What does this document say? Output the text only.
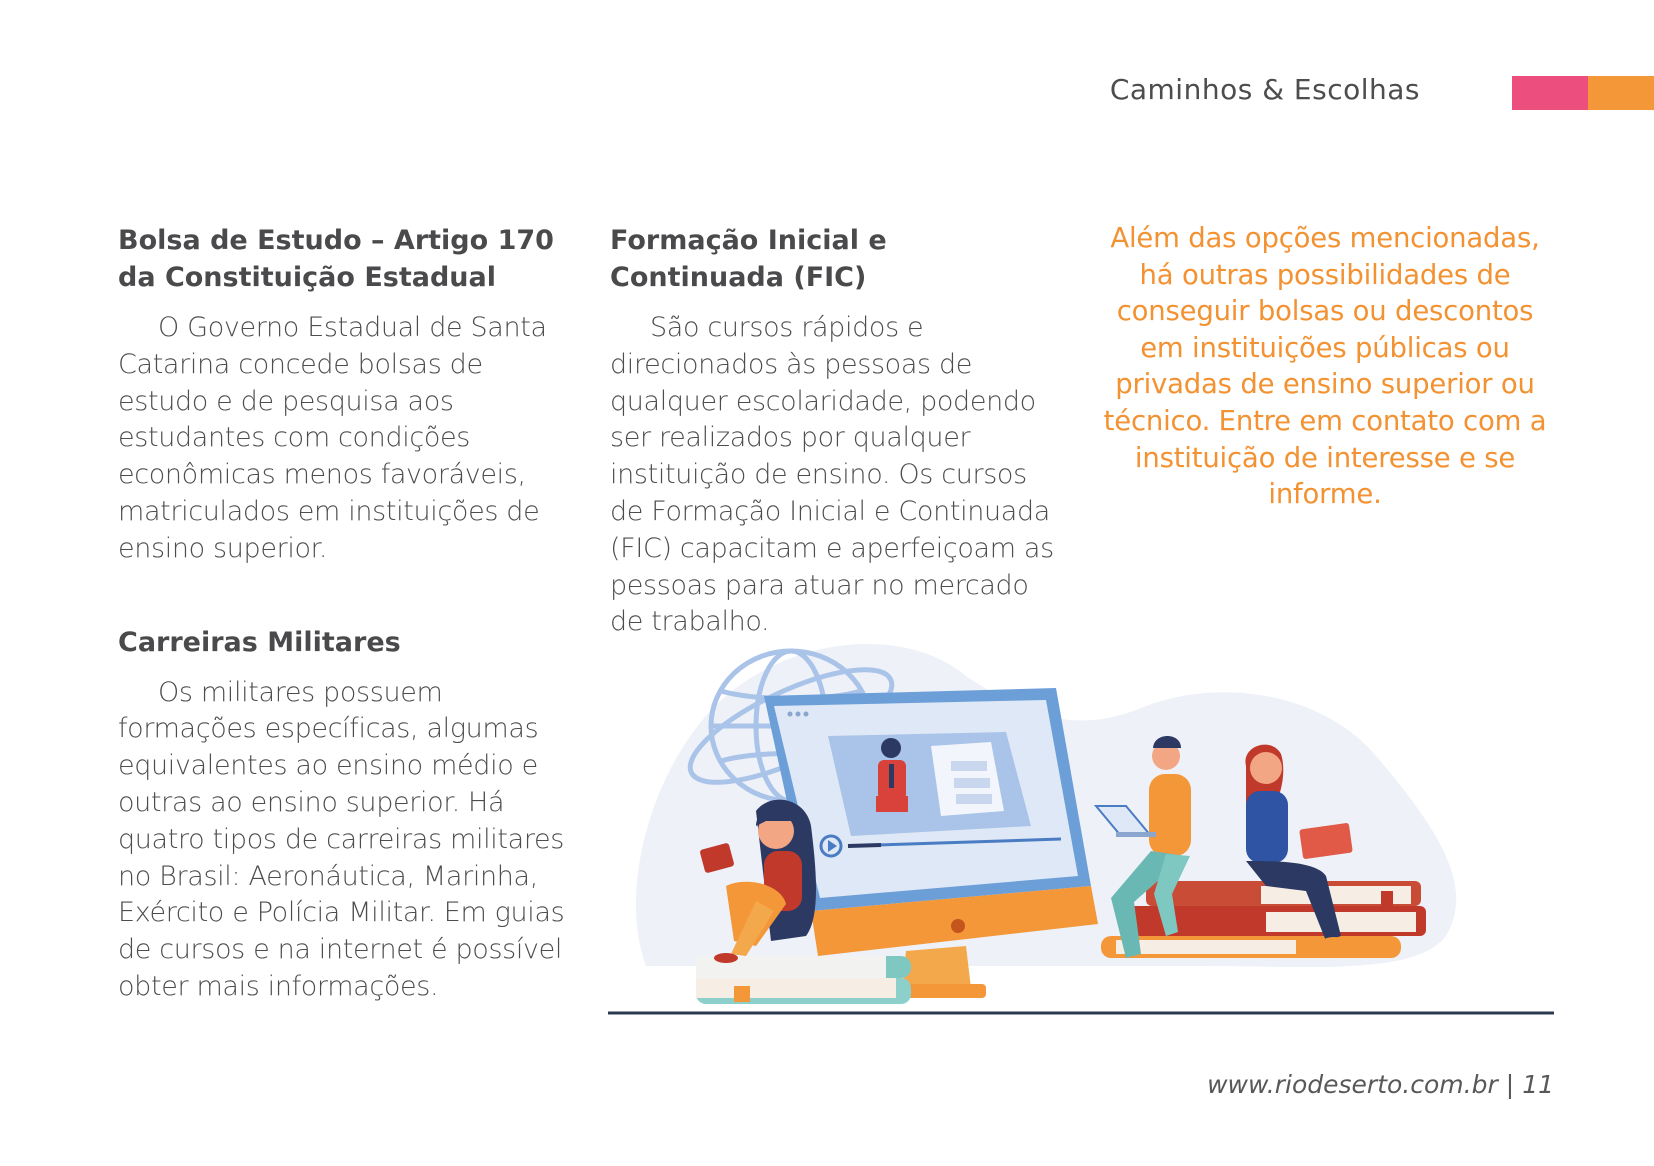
Caminhos & Escolhas
Bolsa de Estudo – Artigo 170
da Constituição Estadual

O Governo Estadual de Santa Catarina concede bolsas de estudo e de pesquisa aos estudantes com condições econômicas menos favoráveis, matriculados em instituições de ensino superior.

Carreiras Militares

Os militares possuem formações específicas, algumas equivalentes ao ensino médio e outras ao ensino superior. Há quatro tipos de carreiras militares no Brasil: Aeronáutica, Marinha, Exército e Polícia Militar. Em guias de cursos e na internet é possível obter mais informações.

Formação Inicial e
Continuada (FIC)

São cursos rápidos e direcionados às pessoas de qualquer escolaridade, podendo ser realizados por qualquer instituição de ensino. Os cursos de Formação Inicial e Continuada (FIC) capacitam e aperfeiçoam as pessoas para atuar no mercado de trabalho.

Além das opções mencionadas, há outras possibilidades de conseguir bolsas ou descontos em instituições públicas ou privadas de ensino superior ou técnico. Entre em contato com a instituição de interesse e se informe.

www.riodeserto.com.br | 11
